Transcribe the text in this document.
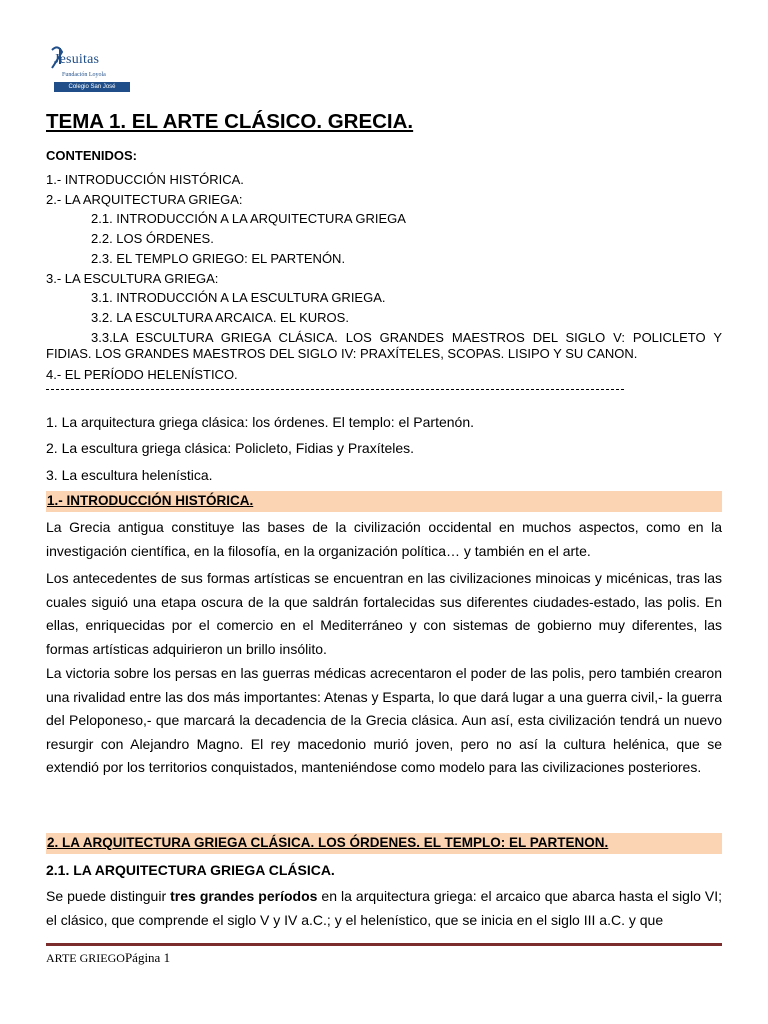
Jesuitas
Fundación Loyola
Colegio San José
TEMA 1. EL ARTE CLÁSICO. GRECIA.
CONTENIDOS:
1.- INTRODUCCIÓN HISTÓRICA.
2.- LA ARQUITECTURA GRIEGA:
2.1. INTRODUCCIÓN A LA ARQUITECTURA GRIEGA
2.2. LOS ÓRDENES.
2.3. EL TEMPLO GRIEGO: EL PARTENÓN.
3.- LA ESCULTURA GRIEGA:
3.1. INTRODUCCIÓN A LA ESCULTURA GRIEGA.
3.2. LA ESCULTURA ARCAICA. EL KUROS.
3.3.LA ESCULTURA GRIEGA CLÁSICA. LOS GRANDES MAESTROS DEL SIGLO V: POLICLETO Y FIDIAS. LOS GRANDES MAESTROS DEL SIGLO IV: PRAXÍTELES, SCOPAS. LISIPO Y SU CANON.
4.- EL PERÍODO HELENÍSTICO.
1. La arquitectura griega clásica: los órdenes. El templo: el Partenón.
2. La escultura griega clásica: Policleto, Fidias y Praxíteles.
3. La escultura helenística.
1.- INTRODUCCIÓN HISTÓRICA.
La Grecia antigua constituye las bases de la civilización occidental en muchos aspectos, como en la investigación científica, en la filosofía, en la organización política… y también en el arte.
Los antecedentes de sus formas artísticas se encuentran en las civilizaciones minoicas y micénicas, tras las cuales siguió una etapa oscura de la que saldrán fortalecidas sus diferentes ciudades-estado, las polis. En ellas, enriquecidas por el comercio en el Mediterráneo y con sistemas de gobierno muy diferentes, las formas artísticas adquirieron un brillo insólito.
La victoria sobre los persas en las guerras médicas acrecentaron el poder de las polis, pero también crearon una rivalidad entre las dos más importantes: Atenas y Esparta, lo que dará lugar a una guerra civil,- la guerra del Peloponeso,- que marcará la decadencia de la Grecia clásica. Aun así, esta civilización tendrá un nuevo resurgir con Alejandro Magno. El rey macedonio murió joven, pero no así la cultura helénica, que se extendió por los territorios conquistados, manteniéndose como modelo para las civilizaciones posteriores.
2. LA ARQUITECTURA GRIEGA CLÁSICA. LOS ÓRDENES. EL TEMPLO: EL PARTENON.
2.1. LA ARQUITECTURA GRIEGA CLÁSICA.
Se puede distinguir tres grandes períodos en la arquitectura griega: el arcaico que abarca hasta el siglo VI; el clásico, que comprende el siglo V y IV a.C.; y el helenístico, que se inicia en el siglo III a.C. y que
ARTE GRIEGOPágina 1
